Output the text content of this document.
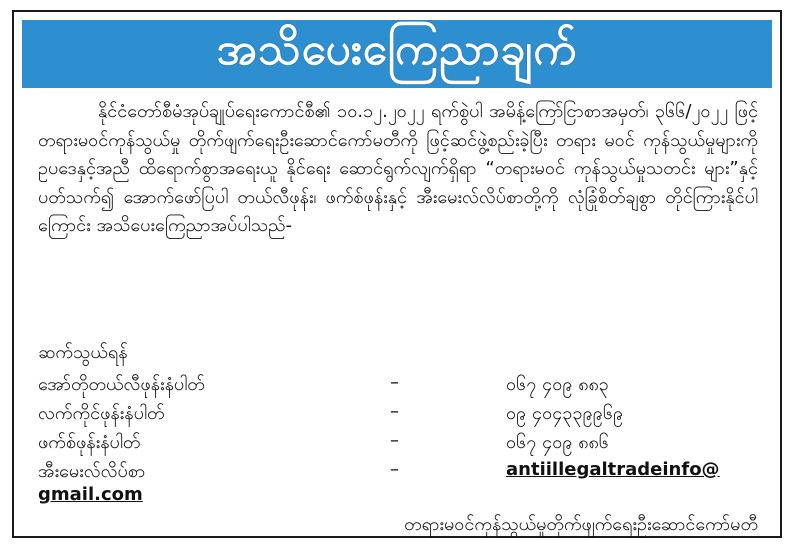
အသိပေးကြေညာချက်
နိုင်ငံတော်စီမံအုပ်ချုပ်ရေးကောင်စီ၏ ၁၀.၁၂.၂၀၂၂ ရက်စွဲပါ အမိန့်ကြော်ငြာစာအမှတ်၊ ၃၆၆/၂၀၂၂ ဖြင့် တရားမဝင်ကုန်သွယ်မှု တိုက်ဖျက်ရေးဦးဆောင်ကော်မတီကို ဖြင့်ဆင်ဖွဲ့စည်းခဲ့ပြီး တရား မဝင် ကုန်သွယ်မှုများကို ဥပဒေနှင့်အညီ ထိရောက်စွာအရေးယူ နိုင်ရေး ဆောင်ရွက်လျက်ရှိရာ “တရားမဝင် ကုန်သွယ်မှုသတင်း များ”နှင့်ပတ်သက်၍ အောက်ဖော်ပြပါ တယ်လီဖုန်း၊ ဖက်စ်ဖုန်းနှင့် အီးမေးလ်လိပ်စာတို့ကို လုံခြုံစိတ်ချစွာ တိုင်ကြားနိုင်ပါကြောင်း အသိပေးကြေညာအပ်ပါသည်-
ဆက်သွယ်ရန်
အော်တိုတယ်လီဖုန်းနံပါတ်	–	၀၆၇ ၄၀၉ ၈၈၃
လက်ကိုင်ဖုန်းနံပါတ်	–	၀၉ ၄၀၄၃၃၉၉၆၉
ဖက်စ်ဖုန်းနံပါတ်	–	၀၆၇ ၄၀၉ ၈၈၆
အီးမေးလ်လိပ်စာ	–	antiillegaltradeinfo@
gmail.com
တရားမဝင်ကုန်သွယ်မှုတိုက်ဖျက်ရေးဦးဆောင်ကော်မတီ
